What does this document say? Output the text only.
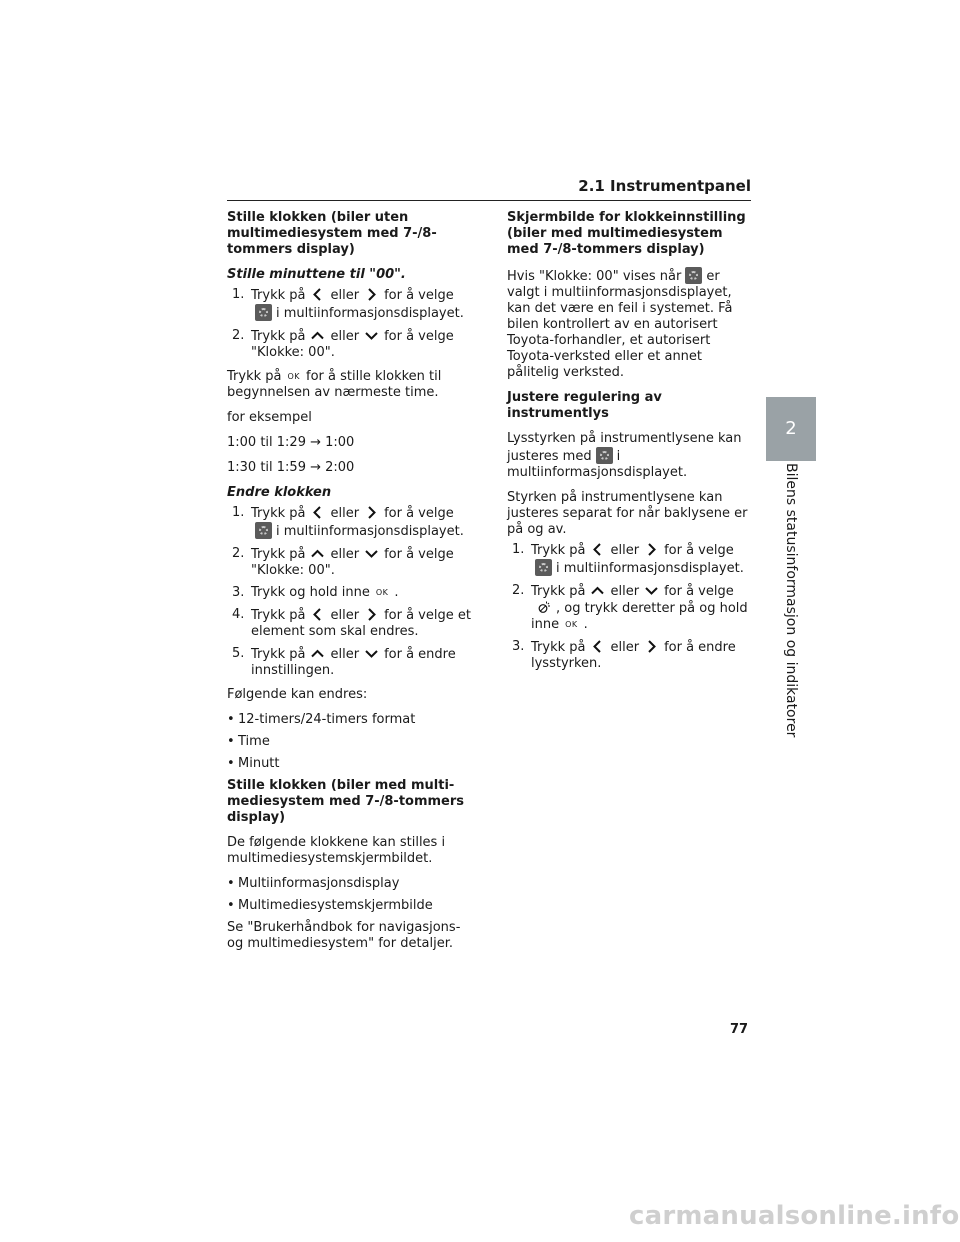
2.1 Instrumentpanel
Stille klokken (biler uten multimediesystem med 7-/8-tommers display)

Stille minuttene til "00".

1. Trykk på eller for å velgei multiinformasjonsdisplayet.
2. Trykk på eller for å velge "Klokke: 00".

Trykk på OK for å stille klokken til begynnelsen av nærmeste time.

for eksempel

1:00 til 1:29 → 1:00

1:30 til 1:59 → 2:00

Endre klokken

1. Trykk på eller for å velgei multiinformasjonsdisplayet.
2. Trykk på eller for å velge "Klokke: 00".
3. Trykk og hold inne OK .
4. Trykk på eller for å velge et element som skal endres.
5. Trykk på eller for å endre innstillingen.

Følgende kan endres:

• 12-timers/24-timers format
• Time
• Minutt
Stille klokken (biler med multi-mediesystem med 7-/8-tommers display)

De følgende klokkene kan stilles i multimediesystemskjermbildet.

• Multiinformasjonsdisplay
• Multimediesystemskjermbilde

Se "Brukerhåndbok for navigasjons- og multimediesystem" for detaljer.

Skjermbilde for klokkeinnstilling (biler med multimediesystem med 7-/8-tommers display)

Hvis "Klokke: 00" vises når er valgt i multiinformasjonsdisplayet, kan det være en feil i systemet. Få bilen kontrollert av en autorisert Toyota-forhandler, et autorisert Toyota-verksted eller et annet pålitelig verksted.

Justere regulering av instrumentlys

Lysstyrken på instrumentlysene kan justeres med i multiinformasjonsdisplayet.

Styrken på instrumentlysene kan justeres separat for når baklysene er på og av.

1. Trykk på eller for å velgei multiinformasjonsdisplayet.
2. Trykk på eller for å velge
, og trykk deretter på og hold inne OK .
3. Trykk på eller for å endre lysstyrken.
2
Bilens statusinformasjon og indikatorer
77
carmanualsonline.info
